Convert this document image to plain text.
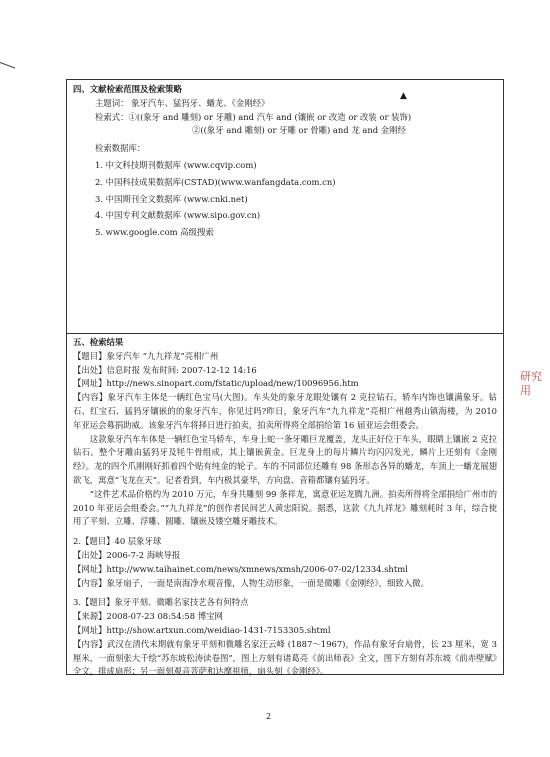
▲
四、文献检索范围及检索策略
主题词： 象牙汽车、猛犸牙、蟠龙、《金刚经》
检索式：①((象牙 and 雕刻) or 牙雕) and 汽车 and (镶嵌 or 改造 or 改装 or 装饰)
②((象牙 and 雕刻) or 牙雕 or 骨雕) and 龙 and 金刚经
检索数据库：
1. 中文科技期刊数据库 (www.cqvip.com)
2. 中国科技成果数据库(CSTAD)(www.wanfangdata.com.cn)
3. 中国期刊全文数据库 (www.cnki.net)
4. 中国专利文献数据库 (www.sipo.gov.cn)
5. www.google.com 高级搜索
五、检索结果
【题目】象牙汽车 “九九祥龙”亮相广州
【出处】信息时报 发布时间: 2007-12-12 14:16
【网址】http://news.sinopart.com/fstatic/upload/new/10096956.htm
【内容】象牙汽车主体是一辆红色宝马(大图)。车头处的象牙龙眼处镶有 2 克拉钻石，轿车内饰也镶满象牙。钻石、红宝石、猛犸牙镶嵌的的象牙汽车，你见过吗?昨日，象牙汽车“九九祥龙”亮相广州越秀山镇海楼，为 2010 年亚运会募捐助威。该象牙汽车将择日进行拍卖，拍卖所得将全部捐给第 16 届亚运会组委会。

这款象牙汽车车体是一辆红色宝马轿车，车身上蛇一条牙雕巨龙覆盖，龙头正好位于车头，眼睛上镶嵌 2 克拉钻石。整个牙雕由猛犸牙及牦牛骨组成，其上镶嵌黄金。巨龙身上的每片鳞片均闪闪发光，鳞片上还刻有《金刚经》。龙的四个爪刚刚好抓着四个贴有纯金的轮子。车的不同部位还雕有 98 条形态各异的蟠龙，车顶上一蟠龙展翅欲飞，寓意“飞龙在天”。记者看到，车内极其豪华，方向盘、音箱都镶有猛犸牙。

“这件艺术品价格约为 2010 万元，车身共雕刻 99 条祥龙，寓意亚运龙腾九洲。拍卖所得将全部捐给广州市的 2010 年亚运会组委会。”“九九祥龙”的创作者民间艺人黄忠阳说。据悉，这款《九九祥龙》雕刻耗时 3 年，综合使用了平刻、立雕、浮雕、圆雕、镶嵌及镂空雕牙雕技术。

2.【题目】40 层象牙球
【出处】2006-7-2 海峡导报
【网址】http://www.taihainet.com/news/xmnews/xmsh/2006-07-02/12334.shtml
【内容】象牙扇子，一面是南海净水观音像，人物生动形象，一面是微雕《金刚经》，细致入微。
3.【题目】象牙平刻、微雕名家技艺各有何特点
【来源】2008-07-23 08:54:58 博宝网
【网址】http://show.artxun.com/weidiao-1431-7153305.shtml
【内容】武汉在清代末期就有象牙平刻和微雕名家汪云峰 (1887～1967)，作品有象牙台扇骨，长 23 厘米，宽 3 厘米，一面刻张大千绘“苏东坡松涛读卷图”，图上方刻有诸葛亮《前出师表》全文，图下方刻有苏东坡《前赤壁赋》全文，排成扇形；另一面刻观音菩萨和达摩祖师，扇头刻《金刚经》。
2
研究用
